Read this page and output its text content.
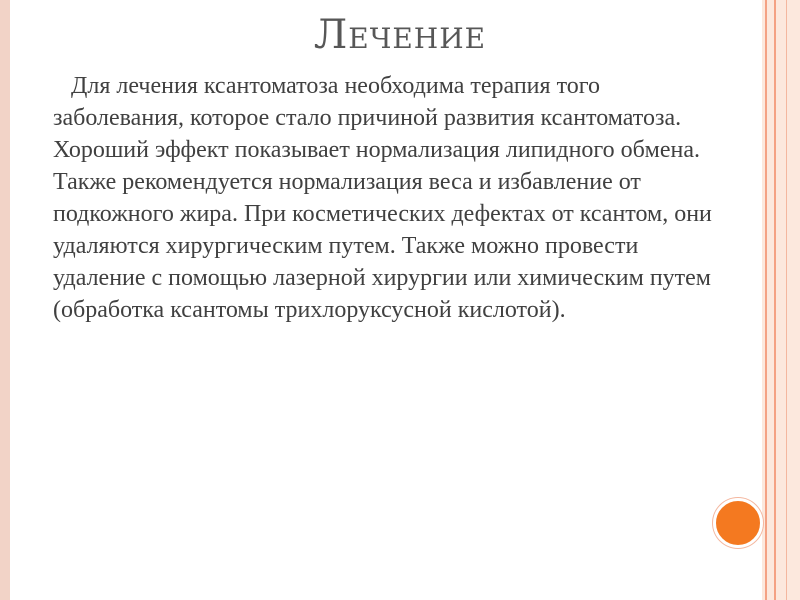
Лечение

Для лечения ксантоматоза необходима терапия того заболевания, которое стало причиной развития ксантоматоза. Хороший эффект показывает нормализация липидного обмена. Также рекомендуется нормализация веса и избавление от подкожного жира. При косметических дефектах от ксантом, они удаляются хирургическим путем. Также можно провести удаление с помощью лазерной хирургии или химическим путем (обработка ксантомы трихлоруксусной кислотой).
